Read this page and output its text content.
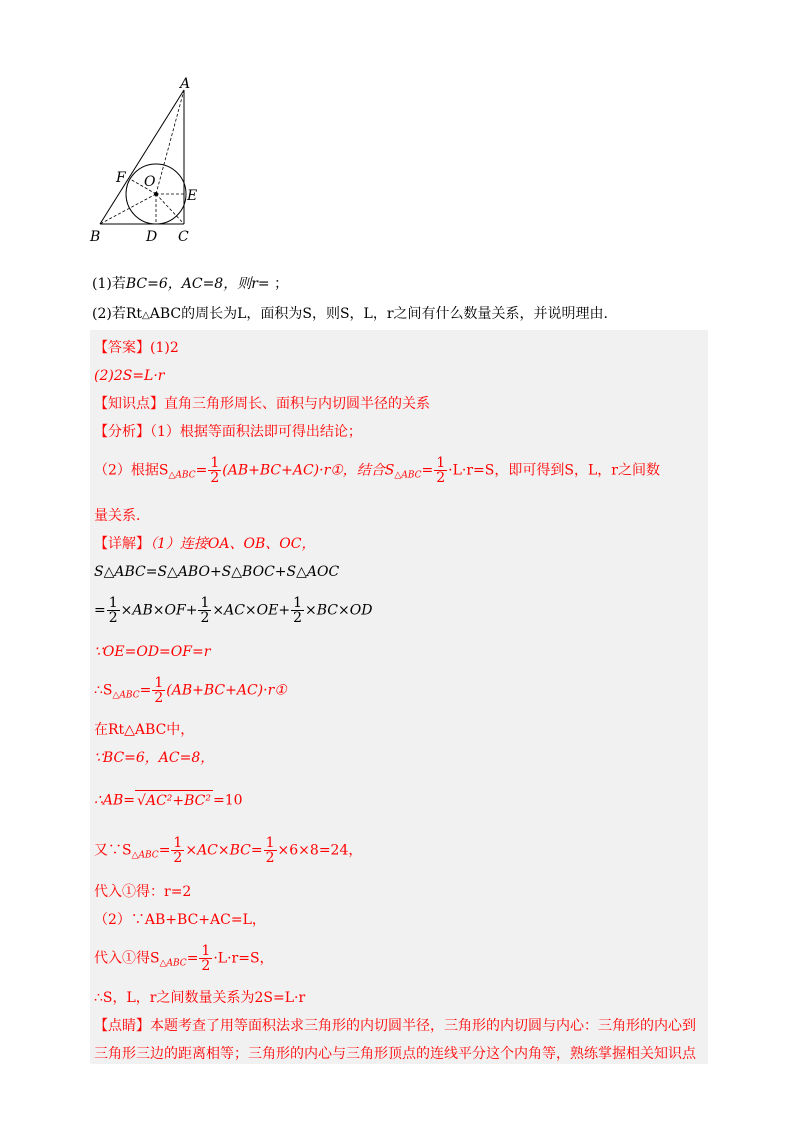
A
B	C
D
E
F O
(1)若BC=6，AC=8，则r= ；
(2)若Rt△ABC的周长为L，面积为S，则S，L，r之间有什么数量关系，并说明理由.
【答案】(1)2
(2)2S=L·r
【知识点】直角三角形周长、面积与内切圆半径的关系
【分析】（1）根据等面积法即可得出结论；
（2）根据$S_{\triangle ABC}= \frac{1}{2}$ (AB+BC+AC)·r①，结合$S_{\triangle ABC}= \frac{1}{2} \cdot L\cdot r=S$，即可得到S，L，r之间数
量关系．
【详解】（1）连接OA、OB、OC，
S△ABC=S△ABO+S△BOC+S△AOC
= $\frac{1}{2} \times AB\times OF+ \frac{1}{2} \times AC\times OE+ \frac{1}{2} \times BC\times OD$
∵OE=OD=OF=r
$\therefore S_{\triangle ABC}= \frac{1}{2}$ (AB+BC+AC)·r①
在Rt△ABC中，
∵BC=6，AC=8，
∴AB= √AC²+BC² =10
又$\because S_{\triangle ABC}= \frac{1}{2} \times AC\times BC= \frac{1}{2} \times 6\times 8=24$，
代入①得：r=2
（2）∵AB+BC+AC=L，
代入①得$S_{\triangle ABC}= \frac{1}{2} \cdot L\cdot r=S$，
∴S，L，r之间数量关系为2S=L·r
【点睛】本题考查了用等面积法求三角形的内切圆半径，三角形的内切圆与内心：三角形的内心到三角形三边的距离相等；三角形的内心与三角形顶点的连线平分这个内角等，熟练掌握相关知识点
